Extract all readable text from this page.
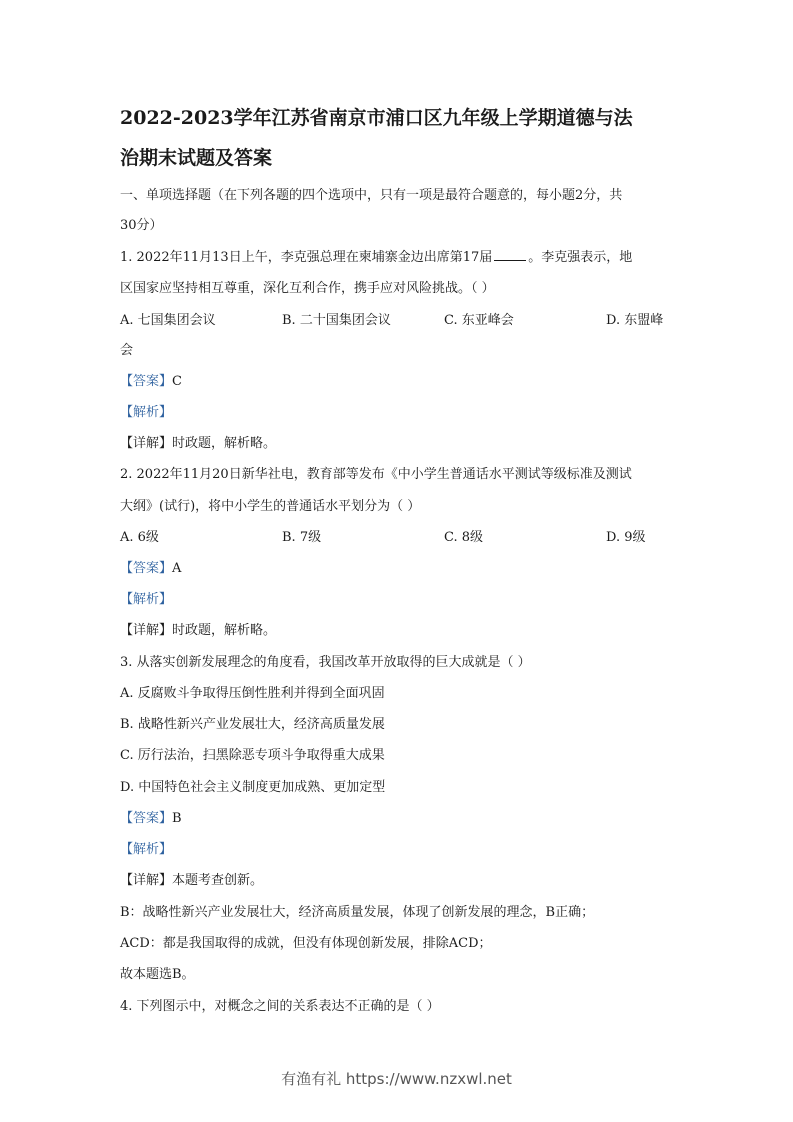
2022-2023学年江苏省南京市浦口区九年级上学期道德与法
治期末试题及答案
一、单项选择题（在下列各题的四个选项中，只有一项是最符合题意的，每小题2分，共
30分）
1. 2022年11月13日上午，李克强总理在柬埔寨金边出席第17届	。李克强表示，地
区国家应坚持相互尊重，深化互利合作，携手应对风险挑战。（ ）
A. 七国集团会议	B. 二十国集团会议	C. 东亚峰会	D. 东盟峰
会
【答案】C
【解析】
【详解】时政题，解析略。
2. 2022年11月20日新华社电，教育部等发布《中小学生普通话水平测试等级标准及测试
大纲》(试行)，将中小学生的普通话水平划分为（ ）
A. 6级	B. 7级	C. 8级	D. 9级
【答案】A
【解析】
【详解】时政题，解析略。
3. 从落实创新发展理念的角度看，我国改革开放取得的巨大成就是（ ）
A. 反腐败斗争取得压倒性胜利并得到全面巩固
B. 战略性新兴产业发展壮大，经济高质量发展
C. 厉行法治，扫黑除恶专项斗争取得重大成果
D. 中国特色社会主义制度更加成熟、更加定型
【答案】B
【解析】
【详解】本题考查创新。
B：战略性新兴产业发展壮大，经济高质量发展，体现了创新发展的理念，B正确；
ACD：都是我国取得的成就，但没有体现创新发展，排除ACD；
故本题选B。
4. 下列图示中，对概念之间的关系表达不正确的是（ ）
有渔有礼 https://www.nzxwl.net
